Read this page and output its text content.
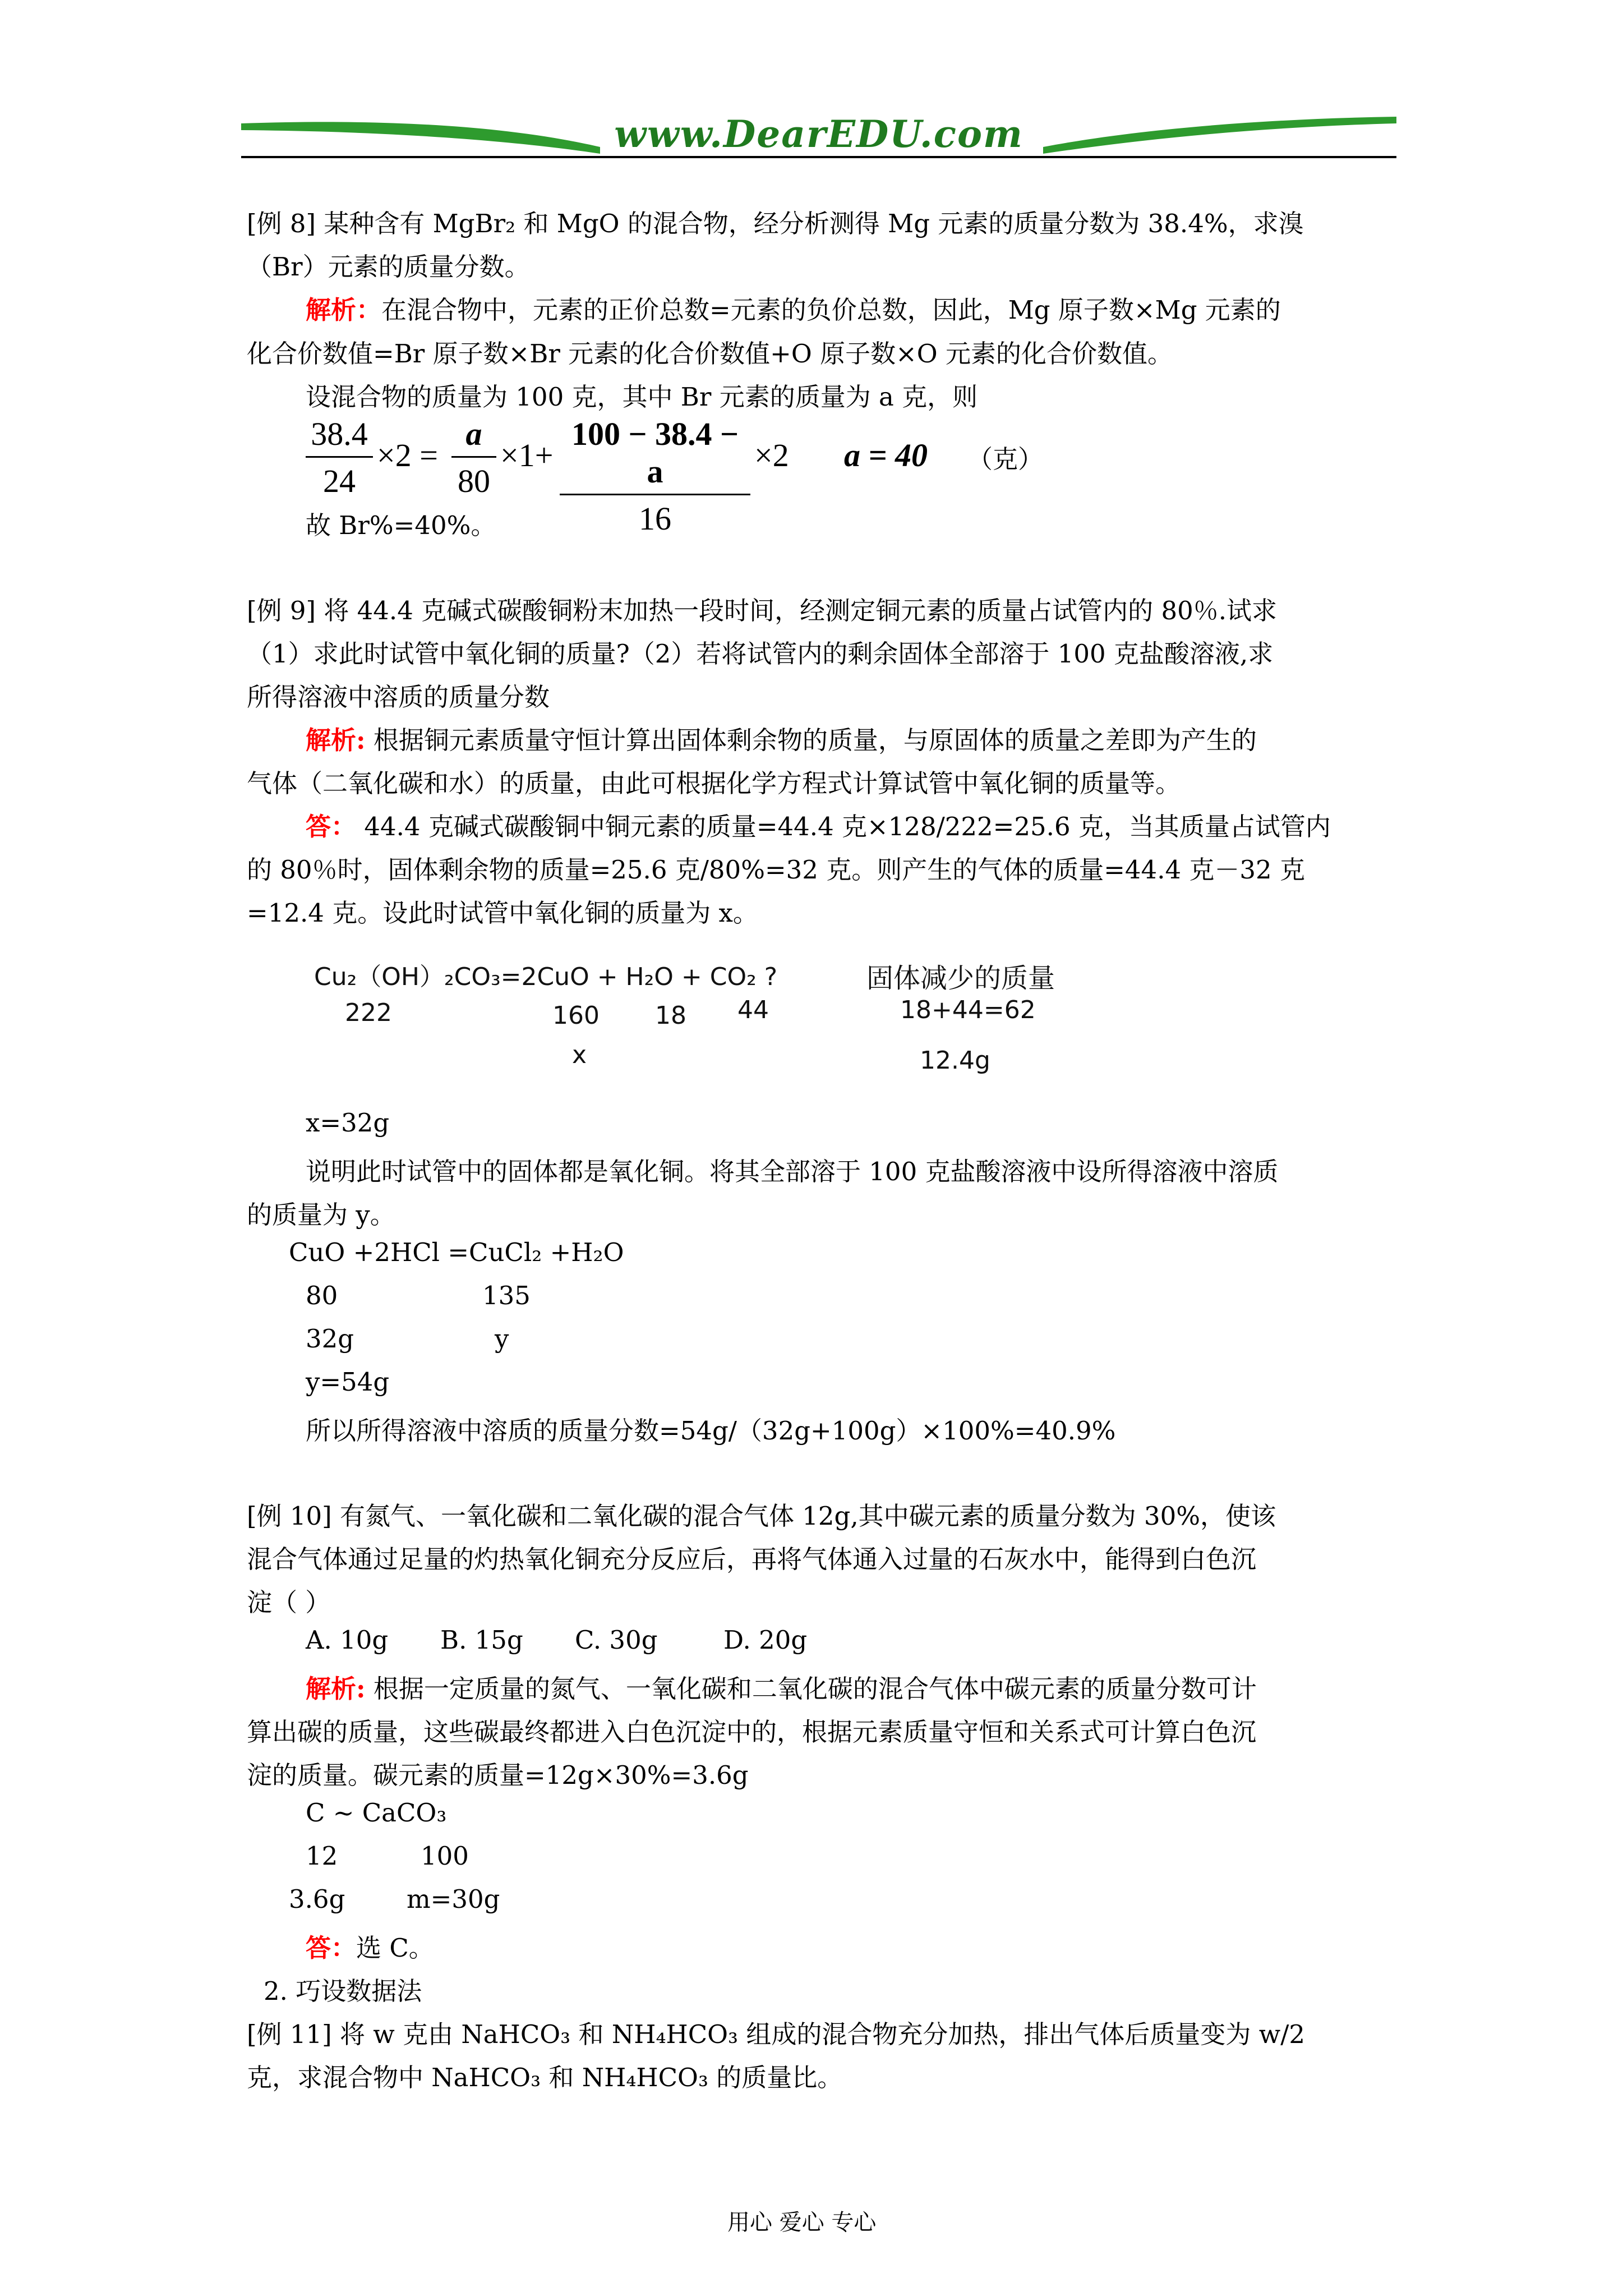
www.DearEDU.com
[例 8] 某种含有 MgBr₂ 和 MgO 的混合物，经分析测得 Mg 元素的质量分数为 38.4%，求溴
（Br）元素的质量分数。
解析：在混合物中，元素的正价总数=元素的负价总数，因此，Mg 原子数×Mg 元素的
化合价数值=Br 原子数×Br 元素的化合价数值+O 原子数×O 元素的化合价数值。
设混合物的质量为 100 克，其中 Br 元素的质量为 a 克，则
38.4
24
×2 =
a
80
×1+
100 − 38.4 − a
16
×2 a = 40 （克）
故 Br%=40%。
[例 9] 将 44.4 克碱式碳酸铜粉末加热一段时间，经测定铜元素的质量占试管内的 80％.试求
（1）求此时试管中氧化铜的质量?（2）若将试管内的剩余固体全部溶于 100 克盐酸溶液,求
所得溶液中溶质的质量分数
解析: 根据铜元素质量守恒计算出固体剩余物的质量，与原固体的质量之差即为产生的
气体（二氧化碳和水）的质量，由此可根据化学方程式计算试管中氧化铜的质量等。
答： 44.4 克碱式碳酸铜中铜元素的质量=44.4 克×128/222=25.6 克，当其质量占试管内
的 80％时，固体剩余物的质量=25.6 克/80%=32 克。则产生的气体的质量=44.4 克－32 克
=12.4 克。设此时试管中氧化铜的质量为 x。
Cu₂（OH）₂CO₃=2CuO + H₂O + CO₂ ?	固体减少的质量
222	160 18 44	18+44=62
x	12.4g
x=32g
说明此时试管中的固体都是氧化铜。将其全部溶于 100 克盐酸溶液中设所得溶液中溶质
的质量为 y。
CuO +2HCl =CuCl₂ +H₂O
80	135
32g	y
y=54g
所以所得溶液中溶质的质量分数=54g/（32g+100g）×100%=40.9%
[例 10] 有氮气、一氧化碳和二氧化碳的混合气体 12g,其中碳元素的质量分数为 30%，使该
混合气体通过足量的灼热氧化铜充分反应后，再将气体通入过量的石灰水中，能得到白色沉
淀（ ）
A. 10g B. 15g C. 30g	D. 20g
解析: 根据一定质量的氮气、一氧化碳和二氧化碳的混合气体中碳元素的质量分数可计
算出碳的质量，这些碳最终都进入白色沉淀中的，根据元素质量守恒和关系式可计算白色沉
淀的质量。碳元素的质量=12g×30%=3.6g
C ~ CaCO₃
12	100
3.6g m=30g
答：选 C。
2. 巧设数据法
[例 11] 将 w 克由 NaHCO₃ 和 NH₄HCO₃ 组成的混合物充分加热，排出气体后质量变为 w/2
克，求混合物中 NaHCO₃ 和 NH₄HCO₃ 的质量比。
用心 爱心 专心
